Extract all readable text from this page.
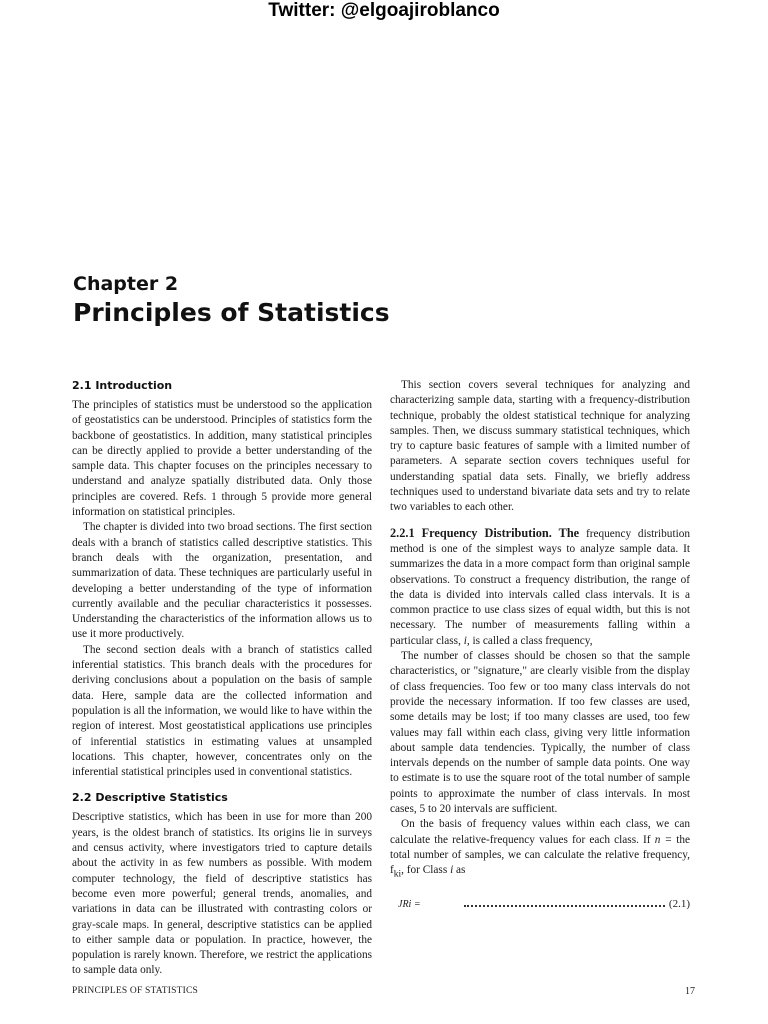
Twitter: @elgoajiroblanco
Chapter 2
Principles of Statistics
2.1 Introduction

The principles of statistics must be understood so the application of geostatistics can be understood. Principles of statistics form the backbone of geostatistics. In addition, many statistical principles can be directly applied to provide a better understanding of the sample data. This chapter focuses on the principles necessary to understand and analyze spatially distributed data. Only those principles are covered. Refs. 1 through 5 provide more general information on statistical principles.

The chapter is divided into two broad sections. The first section deals with a branch of statistics called descriptive statistics. This branch deals with the organization, presentation, and summarization of data. These techniques are particularly useful in developing a better understanding of the type of information currently available and the peculiar characteristics it possesses. Understanding the characteristics of the information allows us to use it more productively.

The second section deals with a branch of statistics called inferential statistics. This branch deals with the procedures for deriving conclusions about a population on the basis of sample data. Here, sample data are the collected information and population is all the information, we would like to have within the region of interest. Most geostatistical applications use principles of inferential statistics in estimating values at unsampled locations. This chapter, however, concentrates only on the inferential statistical principles used in conventional statistics.

2.2 Descriptive Statistics

Descriptive statistics, which has been in use for more than 200 years, is the oldest branch of statistics. Its origins lie in surveys and census activity, where investigators tried to capture details about the activity in as few numbers as possible. With modem computer technology, the field of descriptive statistics has become even more powerful; general trends, anomalies, and variations in data can be illustrated with contrasting colors or gray-scale maps. In general, descriptive statistics can be applied to either sample data or population. In practice, however, the population is rarely known. Therefore, we restrict the applications to sample data only.

This section covers several techniques for analyzing and characterizing sample data, starting with a frequency-distribution technique, probably the oldest statistical technique for analyzing samples. Then, we discuss summary statistical techniques, which try to capture basic features of sample with a limited number of parameters. A separate section covers techniques useful for understanding spatial data sets. Finally, we briefly address techniques used to understand bivariate data sets and try to relate two variables to each other.

2.2.1 Frequency Distribution. The frequency distribution method is one of the simplest ways to analyze sample data. It summarizes the data in a more compact form than original sample observations. To construct a frequency distribution, the range of the data is divided into intervals called class intervals. It is a common practice to use class sizes of equal width, but this is not necessary. The number of measurements falling within a particular class, i, is called a class frequency,

The number of classes should be chosen so that the sample characteristics, or "signature," are clearly visible from the display of class frequencies. Too few or too many class intervals do not provide the necessary information. If too few classes are used, some details may be lost; if too many classes are used, too few values may fall within each class, giving very little information about sample data tendencies. Typically, the number of class intervals depends on the number of sample data points. One way to estimate is to use the square root of the total number of sample points to approximate the number of class intervals. In most cases, 5 to 20 intervals are sufficient.

On the basis of frequency values within each class, we can calculate the relative-frequency values for each class. If n = the total number of samples, we can calculate the relative frequency, $f_{ki}$, for Class i as

JRi =	(2.1)
PRINCIPLES OF STATISTICS	17
